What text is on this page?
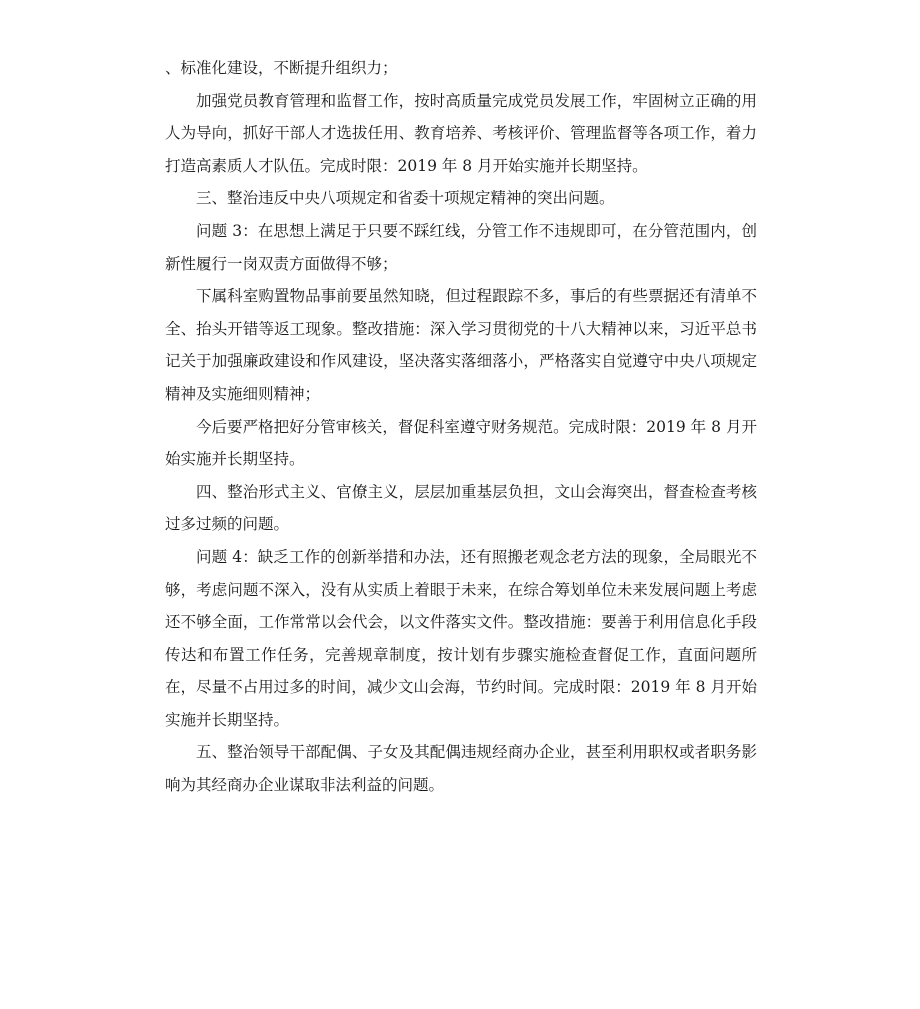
、标准化建设，不断提升组织力；

加强党员教育管理和监督工作，按时高质量完成党员发展工作，牢固树立正确的用人为导向，抓好干部人才选拔任用、教育培养、考核评价、管理监督等各项工作，着力打造高素质人才队伍。完成时限：2019 年 8 月开始实施并长期坚持。

三、整治违反中央八项规定和省委十项规定精神的突出问题。

问题 3：在思想上满足于只要不踩红线，分管工作不违规即可，在分管范围内，创新性履行一岗双责方面做得不够；

下属科室购置物品事前要虽然知晓，但过程跟踪不多，事后的有些票据还有清单不全、抬头开错等返工现象。整改措施：深入学习贯彻党的十八大精神以来，习近平总书记关于加强廉政建设和作风建设，坚决落实落细落小，严格落实自觉遵守中央八项规定精神及实施细则精神；

今后要严格把好分管审核关，督促科室遵守财务规范。完成时限：2019 年 8 月开始实施并长期坚持。

四、整治形式主义、官僚主义，层层加重基层负担，文山会海突出，督查检查考核过多过频的问题。

问题 4：缺乏工作的创新举措和办法，还有照搬老观念老方法的现象，全局眼光不够，考虑问题不深入，没有从实质上着眼于未来，在综合筹划单位未来发展问题上考虑还不够全面，工作常常以会代会，以文件落实文件。整改措施：要善于利用信息化手段传达和布置工作任务，完善规章制度，按计划有步骤实施检查督促工作，直面问题所在，尽量不占用过多的时间，减少文山会海，节约时间。完成时限：2019 年 8 月开始实施并长期坚持。

五、整治领导干部配偶、子女及其配偶违规经商办企业，甚至利用职权或者职务影响为其经商办企业谋取非法利益的问题。
